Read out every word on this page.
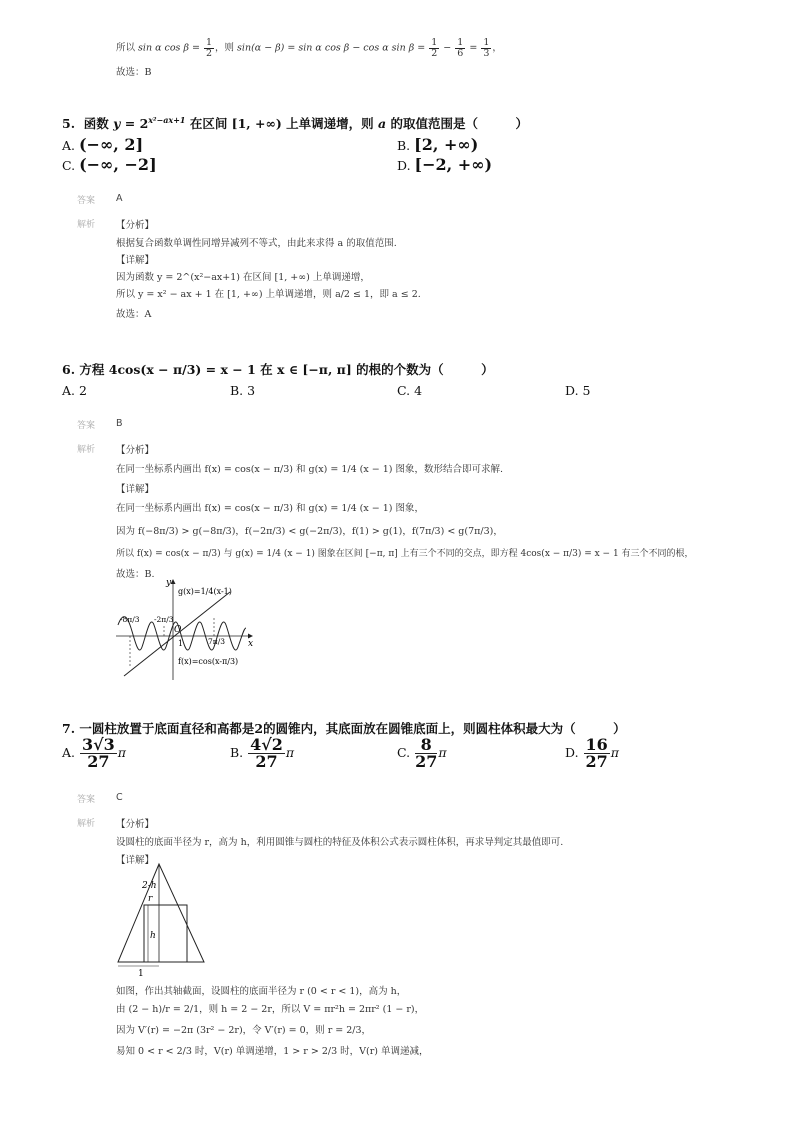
所以 sin α $\cos \beta = \frac{1}{2}$ ，则 sin(α − β) = sin α cos β − cos α $\sin \beta = \frac{1}{2} - \frac{1}{6} = \frac{1}{3}$ ，
故选：B
5.  函数 $y = 2^{x^2-ax+1}$ 在区间 [1, +∞) 上单调递增，则 a 的取值范围是（　　　）
A. (−∞, 2]	B. [2, +∞)
C. (−∞, −2]	D. [−2, +∞)
答案 A
解析 【分析】
根据复合函数单调性同增异减列不等式，由此来求得 a 的取值范围.
【详解】
因为函数 y = 2^(x²−ax+1) 在区间 [1, +∞) 上单调递增，
所以 y = x² − ax + 1 在 [1, +∞) 上单调递增，则 a/2 ≤ 1，即 a ≤ 2.
故选：A
6. 方程 4cos(x − π/3) = x − 1 在 x ∈ [−π, π] 的根的个数为（　　　）
A. 2	B. 3	C. 4	D. 5
答案 B
解析 【分析】
在同一坐标系内画出 f(x) = cos(x − π/3) 和 g(x) = 1/4 (x − 1) 图象，数形结合即可求解.
【详解】
在同一坐标系内画出 f(x) = cos(x − π/3) 和 g(x) = 1/4 (x − 1) 图象，
因为 f(−8π/3) > g(−8π/3)，f(−2π/3) < g(−2π/3)，f(1) > g(1)，f(7π/3) < g(7π/3)，
所以 f(x) = cos(x − π/3) 与 g(x) = 1/4 (x − 1) 图象在区间 [−π, π] 上有三个不同的交点，即方程 4cos(x − π/3) = x − 1 有三个不同的根，
故选：B.
y
x
O
1
g(x)=1/4(x-1)
f(x)=cos(x-π/3)
-8π/3 -2π/3
7π/3
7. 一圆柱放置于底面直径和高都是2的圆锥内，其底面放在圆锥底面上，则圆柱体积最大为（　　　）
A. $\frac{3√3}{27}$ π	B. $\frac{4√2}{27}$ π	C. $\frac{8}{27}$ π	D. $\frac{16}{27}$ π
答案 C
解析 【分析】
设圆柱的底面半径为 r，高为 h，利用圆锥与圆柱的特征及体积公式表示圆柱体积，再求导判定其最值即可.
【详解】
2-h
r
h
1
如图，作出其轴截面，设圆柱的底面半径为 r (0 < r < 1)，高为 h，
由 (2 − h)/r = 2/1，则 h = 2 − 2r，所以 V = πr²h = 2πr² (1 − r)，
因为 V′(r) = −2π (3r² − 2r)，令 V′(r) = 0，则 r = 2/3，
易知 0 < r < 2/3 时，V(r) 单调递增，1 > r > 2/3 时，V(r) 单调递减，
